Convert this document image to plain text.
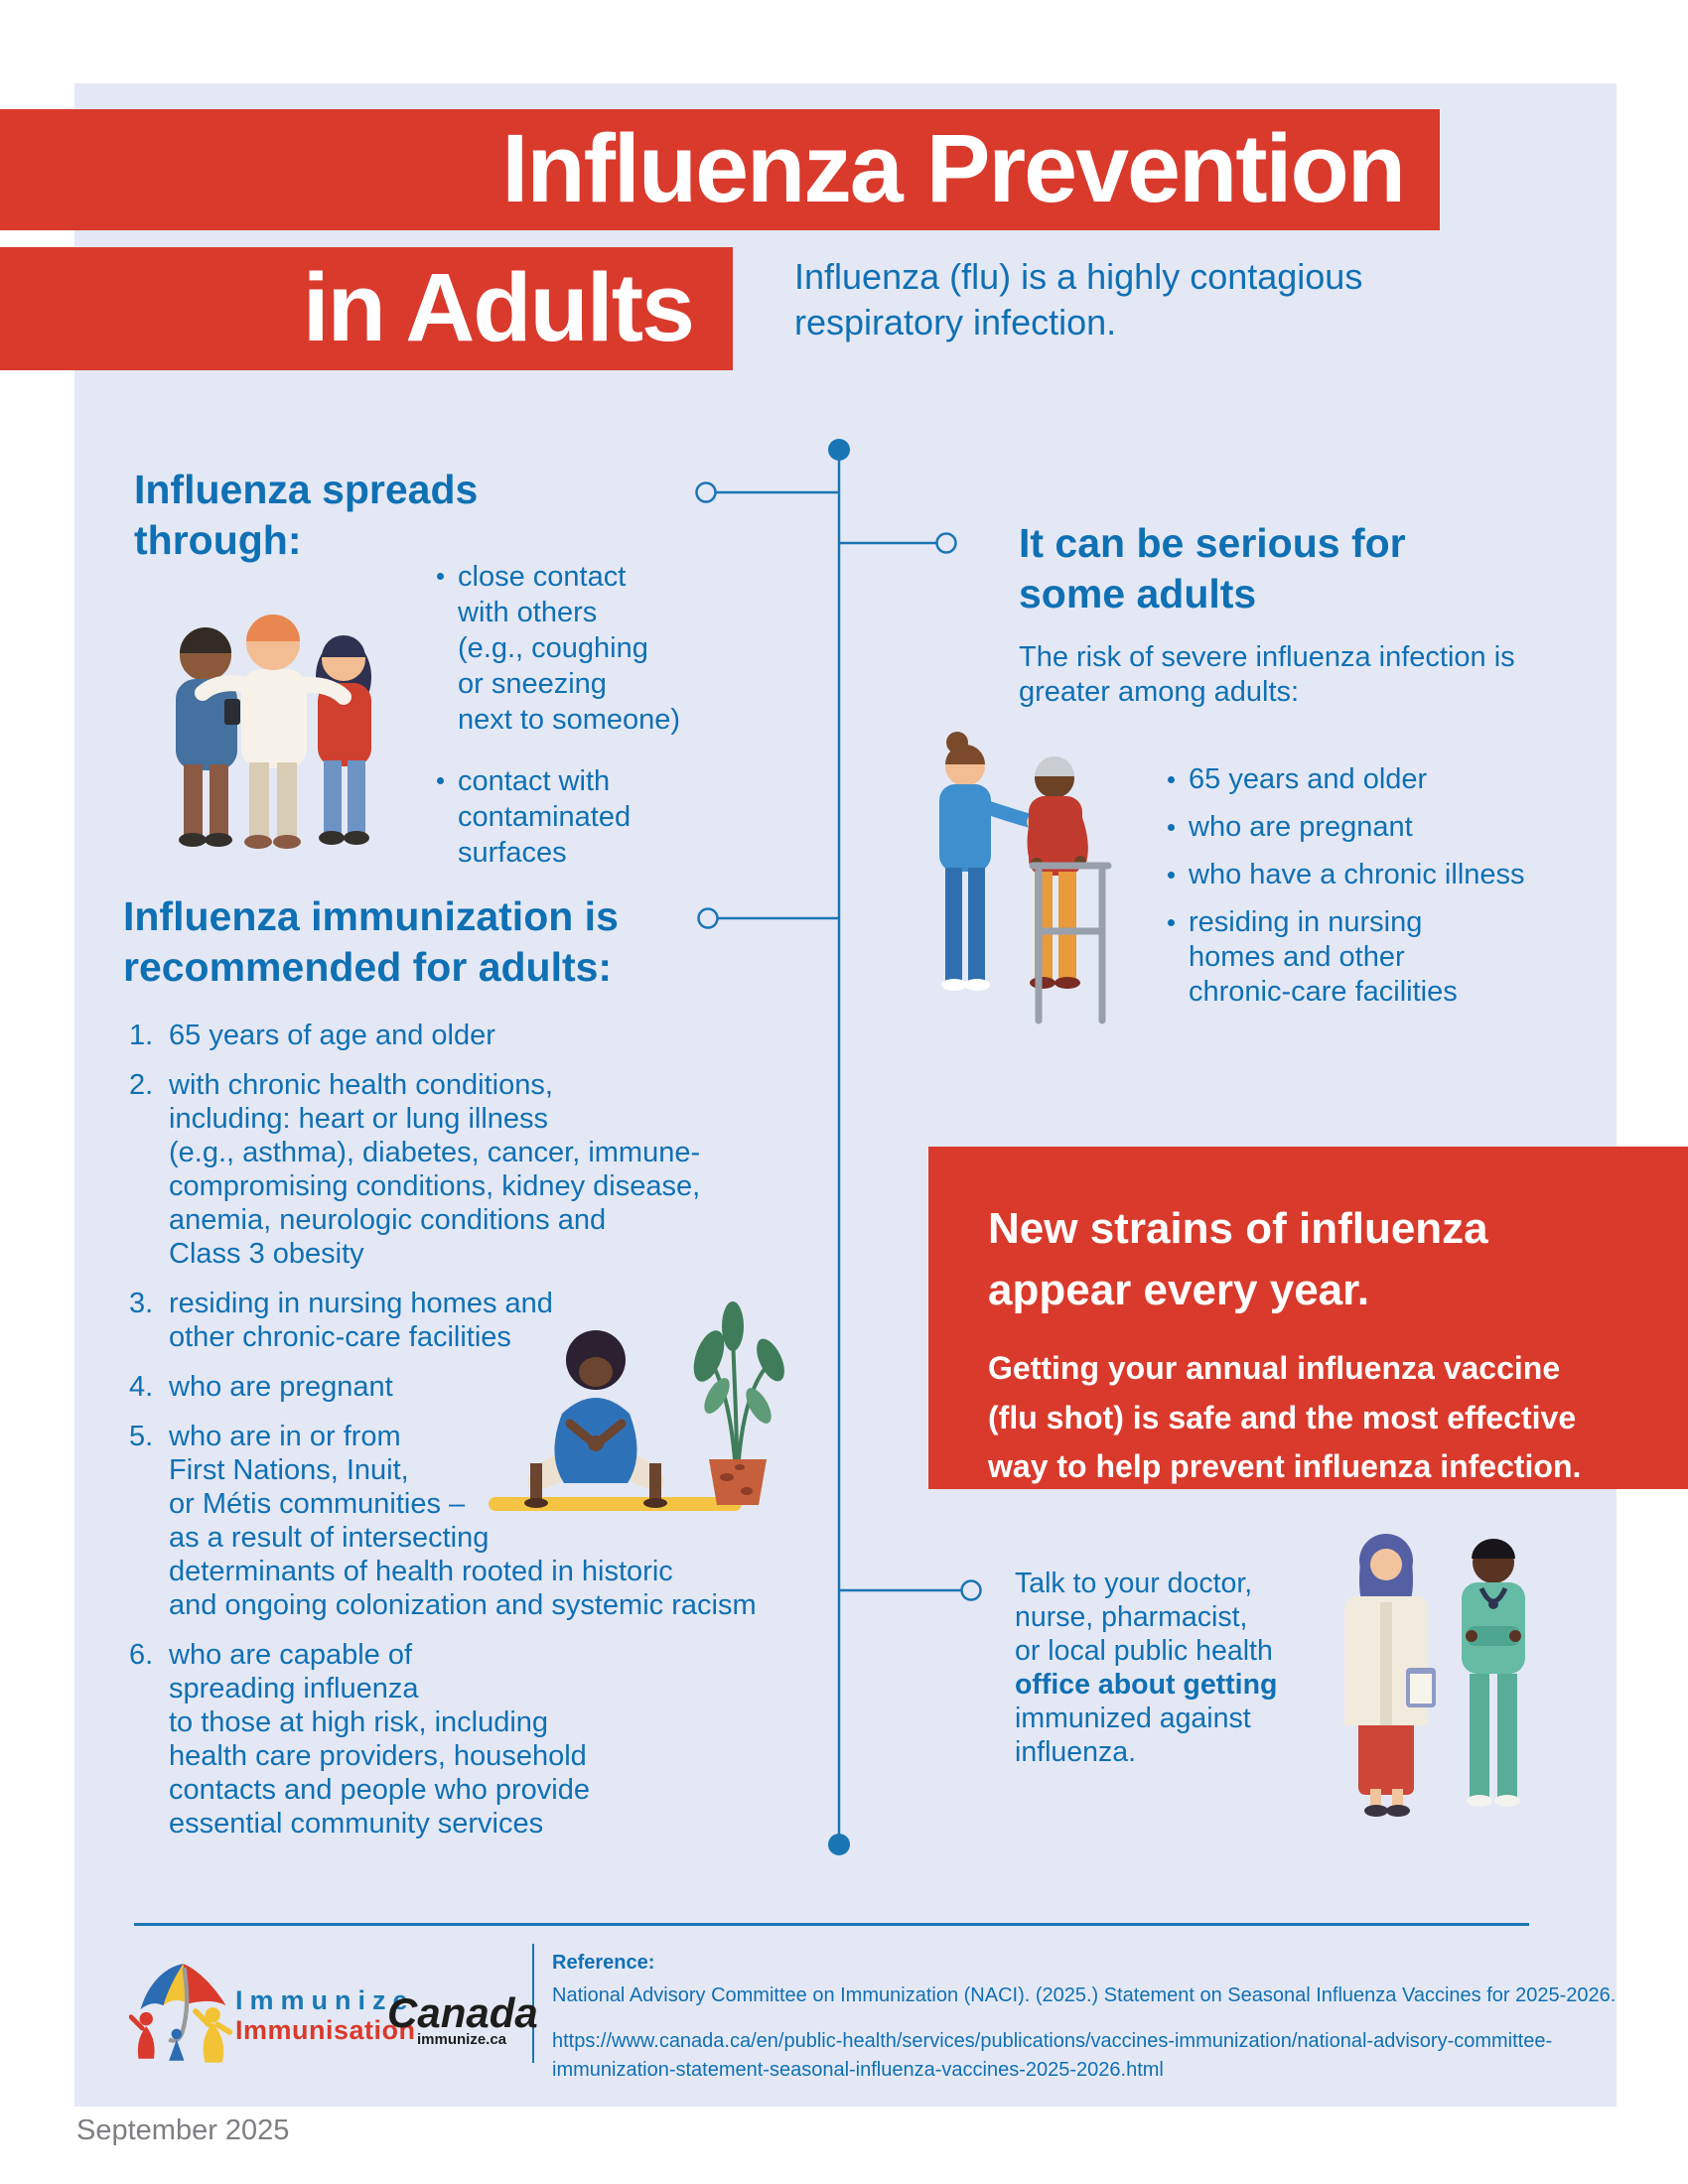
Influenza Prevention
in Adults	Influenza (flu) is a highly contagious respiratory infection.
Influenza spreads through:
close contact
with others
(e.g., coughing
or sneezing
next to someone)
contact with
contaminated
surfaces
It can be serious for some adults
The risk of severe influenza infection is greater among adults:
65 years and older
who are pregnant
who have a chronic illness
residing in nursing
homes and other
chronic-care facilities
Influenza immunization is recommended for adults:
1. 65 years of age and older
2. with chronic health conditions,
including: heart or lung illness
(e.g., asthma), diabetes, cancer, immune-
compromising conditions, kidney disease,
anemia, neurologic conditions and
Class 3 obesity
3. residing in nursing homes and
other chronic-care facilities
4. who are pregnant
5. who are in or from
First Nations, Inuit,
or Métis communities –
as a result of intersecting
determinants of health rooted in historic
and ongoing colonization and systemic racism
6. who are capable of
spreading influenza
to those at high risk, including
health care providers, household
contacts and people who provide
essential community services
New strains of influenza appear every year.
Getting your annual influenza vaccine (flu shot) is safe and the most effective way to help prevent influenza infection.
Talk to your doctor,
nurse, pharmacist,
or local public health
office about getting
immunized against
influenza.
Immunize
Immunisation
Canada
immunize.ca
Reference:
National Advisory Committee on Immunization (NACI). (2025.) Statement on Seasonal Influenza Vaccines for 2025-2026.
https://www.canada.ca/en/public-health/services/publications/vaccines-immunization/national-advisory-committee-
immunization-statement-seasonal-influenza-vaccines-2025-2026.html
September 2025
